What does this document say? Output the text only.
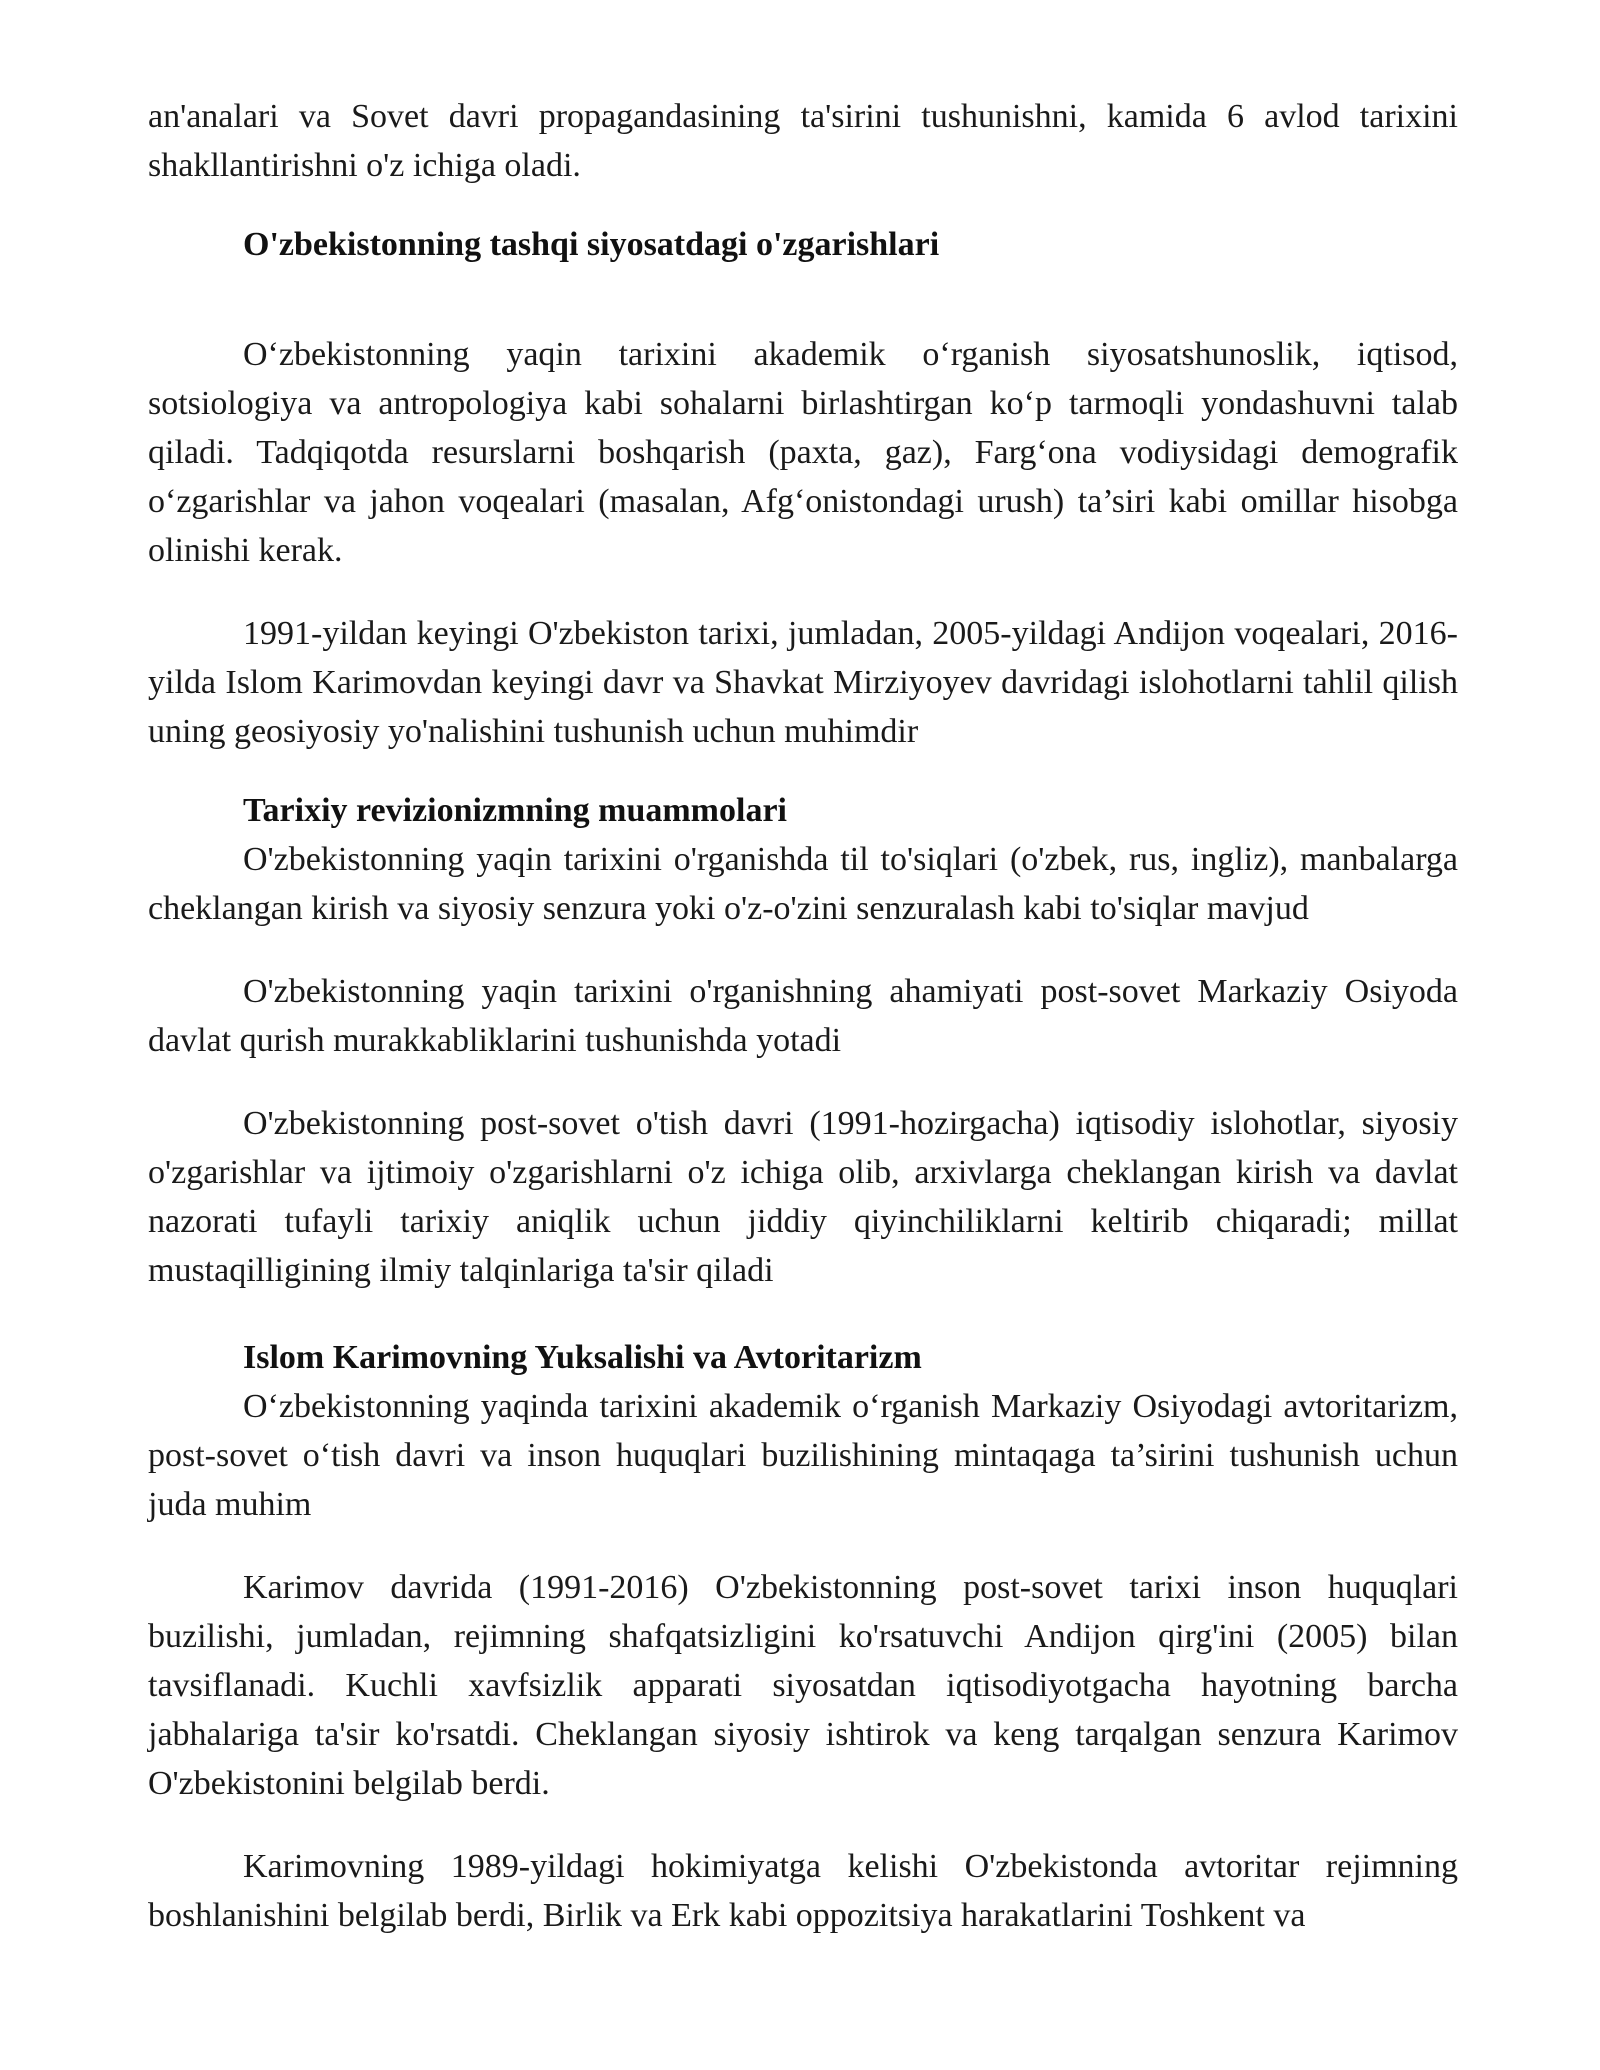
an'analari va Sovet davri propagandasining ta'sirini tushunishni, kamida 6 avlod tarixini shakllantirishni o'z ichiga oladi.

O'zbekistonning tashqi siyosatdagi o'zgarishlari

O‘zbekistonning yaqin tarixini akademik o‘rganish siyosatshunoslik, iqtisod, sotsiologiya va antropologiya kabi sohalarni birlashtirgan ko‘p tarmoqli yondashuvni talab qiladi. Tadqiqotda resurslarni boshqarish (paxta, gaz), Farg‘ona vodiysidagi demografik o‘zgarishlar va jahon voqealari (masalan, Afg‘onistondagi urush) ta’siri kabi omillar hisobga olinishi kerak.

1991-yildan keyingi O'zbekiston tarixi, jumladan, 2005-yildagi Andijon voqealari, 2016-yilda Islom Karimovdan keyingi davr va Shavkat Mirziyoyev davridagi islohotlarni tahlil qilish uning geosiyosiy yo'nalishini tushunish uchun muhimdir

Tarixiy revizionizmning muammolari

O'zbekistonning yaqin tarixini o'rganishda til to'siqlari (o'zbek, rus, ingliz), manbalarga cheklangan kirish va siyosiy senzura yoki o'z-o'zini senzuralash kabi to'siqlar mavjud

O'zbekistonning yaqin tarixini o'rganishning ahamiyati post-sovet Markaziy Osiyoda davlat qurish murakkabliklarini tushunishda yotadi

O'zbekistonning post-sovet o'tish davri (1991-hozirgacha) iqtisodiy islohotlar, siyosiy o'zgarishlar va ijtimoiy o'zgarishlarni o'z ichiga olib, arxivlarga cheklangan kirish va davlat nazorati tufayli tarixiy aniqlik uchun jiddiy qiyinchiliklarni keltirib chiqaradi; millat mustaqilligining ilmiy talqinlariga ta'sir qiladi

Islom Karimovning Yuksalishi va Avtoritarizm

O‘zbekistonning yaqinda tarixini akademik o‘rganish Markaziy Osiyodagi avtoritarizm, post-sovet o‘tish davri va inson huquqlari buzilishining mintaqaga ta’sirini tushunish uchun juda muhim

Karimov davrida (1991-2016) O'zbekistonning post-sovet tarixi inson huquqlari buzilishi, jumladan, rejimning shafqatsizligini ko'rsatuvchi Andijon qirg'ini (2005) bilan tavsiflanadi. Kuchli xavfsizlik apparati siyosatdan iqtisodiyotgacha hayotning barcha jabhalariga ta'sir ko'rsatdi. Cheklangan siyosiy ishtirok va keng tarqalgan senzura Karimov O'zbekistonini belgilab berdi.

Karimovning 1989-yildagi hokimiyatga kelishi O'zbekistonda avtoritar rejimning boshlanishini belgilab berdi, Birlik va Erk kabi oppozitsiya harakatlarini Toshkent va
